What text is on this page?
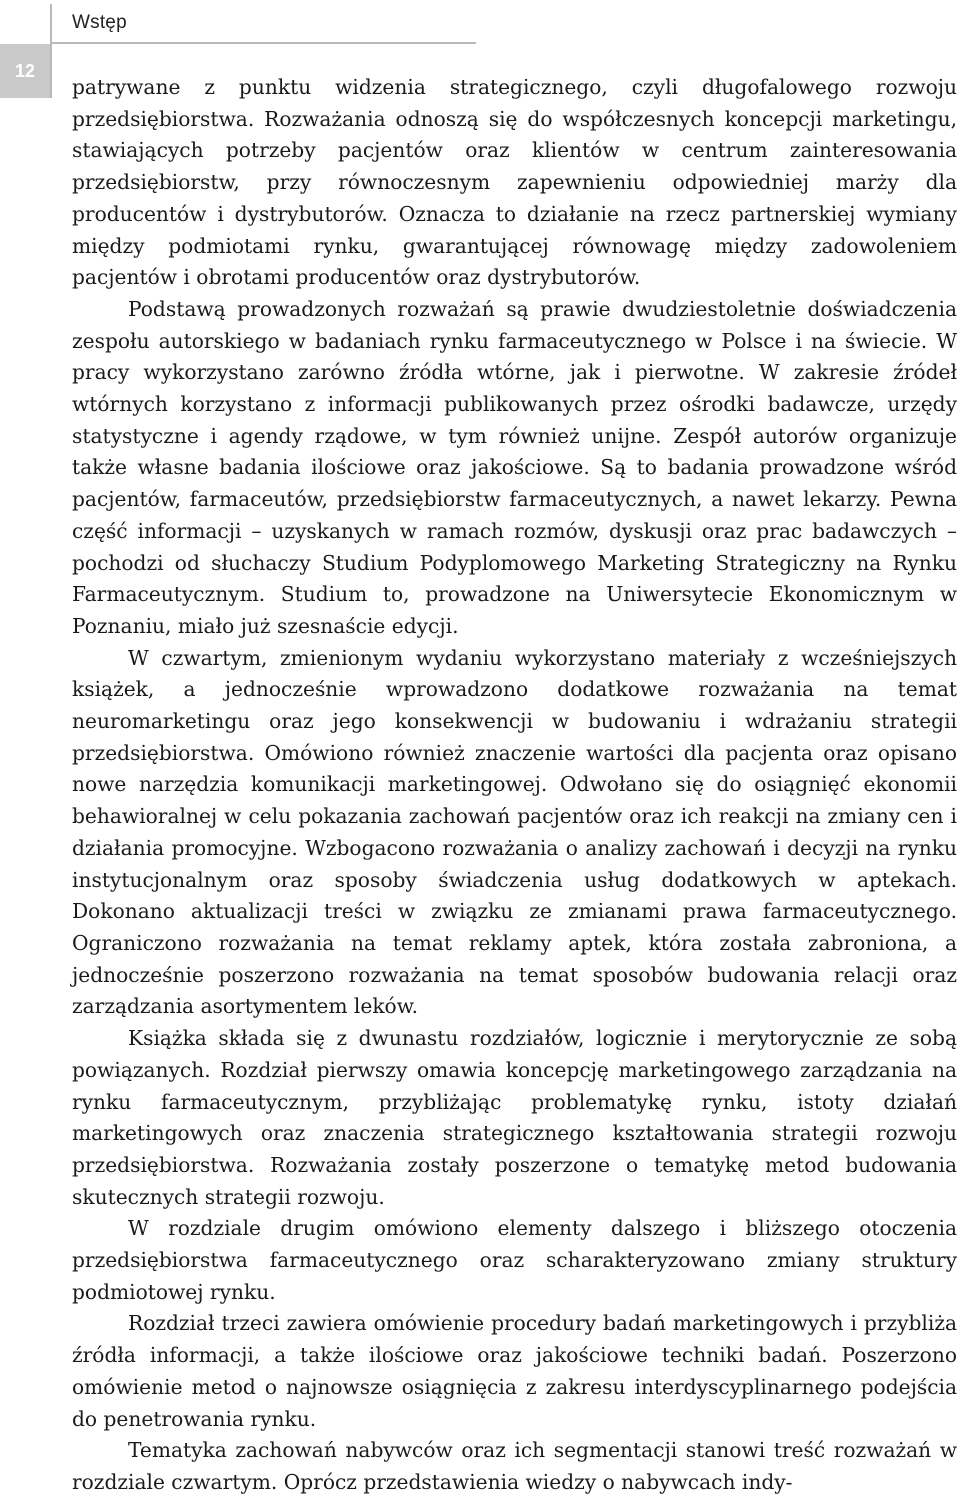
Wstęp
12

patrywane z punktu widzenia strategicznego, czyli długofalowego rozwoju przedsiębiorstwa. Rozważania odnoszą się do współczesnych koncepcji marketingu, stawiających potrzeby pacjentów oraz klientów w centrum zainteresowania przedsiębiorstw, przy równoczesnym zapewnieniu odpowiedniej marży dla producentów i dystrybutorów. Oznacza to działanie na rzecz partnerskiej wymiany między podmiotami rynku, gwarantującej równowagę między zadowoleniem pacjentów i obrotami producentów oraz dystrybutorów.

Podstawą prowadzonych rozważań są prawie dwudziestoletnie doświadczenia zespołu autorskiego w badaniach rynku farmaceutycznego w Polsce i na świecie. W pracy wykorzystano zarówno źródła wtórne, jak i pierwotne. W zakresie źródeł wtórnych korzystano z informacji publikowanych przez ośrodki badawcze, urzędy statystyczne i agendy rządowe, w tym również unijne. Zespół autorów organizuje także własne badania ilościowe oraz jakościowe. Są to badania prowadzone wśród pacjentów, farmaceutów, przedsiębiorstw farmaceutycznych, a nawet lekarzy. Pewna część informacji – uzyskanych w ramach rozmów, dyskusji oraz prac badawczych – pochodzi od słuchaczy Studium Podyplomowego Marketing Strategiczny na Rynku Farmaceutycznym. Studium to, prowadzone na Uniwersytecie Ekonomicznym w Poznaniu, miało już szesnaście edycji.

W czwartym, zmienionym wydaniu wykorzystano materiały z wcześniejszych książek, a jednocześnie wprowadzono dodatkowe rozważania na temat neuromarketingu oraz jego konsekwencji w budowaniu i wdrażaniu strategii przedsiębiorstwa. Omówiono również znaczenie wartości dla pacjenta oraz opisano nowe narzędzia komunikacji marketingowej. Odwołano się do osiągnięć ekonomii behawioralnej w celu pokazania zachowań pacjentów oraz ich reakcji na zmiany cen i działania promocyjne. Wzbogacono rozważania o analizy zachowań i decyzji na rynku instytucjonalnym oraz sposoby świadczenia usług dodatkowych w aptekach. Dokonano aktualizacji treści w związku ze zmianami prawa farmaceutycznego. Ograniczono rozważania na temat reklamy aptek, która została zabroniona, a jednocześnie poszerzono rozważania na temat sposobów budowania relacji oraz zarządzania asortymentem leków.

Książka składa się z dwunastu rozdziałów, logicznie i merytorycznie ze sobą powiązanych. Rozdział pierwszy omawia koncepcję marketingowego zarządzania na rynku farmaceutycznym, przybliżając problematykę rynku, istoty działań marketingowych oraz znaczenia strategicznego kształtowania strategii rozwoju przedsiębiorstwa. Rozważania zostały poszerzone o tematykę metod budowania skutecznych strategii rozwoju.

W rozdziale drugim omówiono elementy dalszego i bliższego otoczenia przedsiębiorstwa farmaceutycznego oraz scharakteryzowano zmiany struktury podmiotowej rynku.

Rozdział trzeci zawiera omówienie procedury badań marketingowych i przybliża źródła informacji, a także ilościowe oraz jakościowe techniki badań. Poszerzono omówienie metod o najnowsze osiągnięcia z zakresu interdyscyplinarnego podejścia do penetrowania rynku.

Tematyka zachowań nabywców oraz ich segmentacji stanowi treść rozważań w rozdziale czwartym. Oprócz przedstawienia wiedzy o nabywcach indy-
